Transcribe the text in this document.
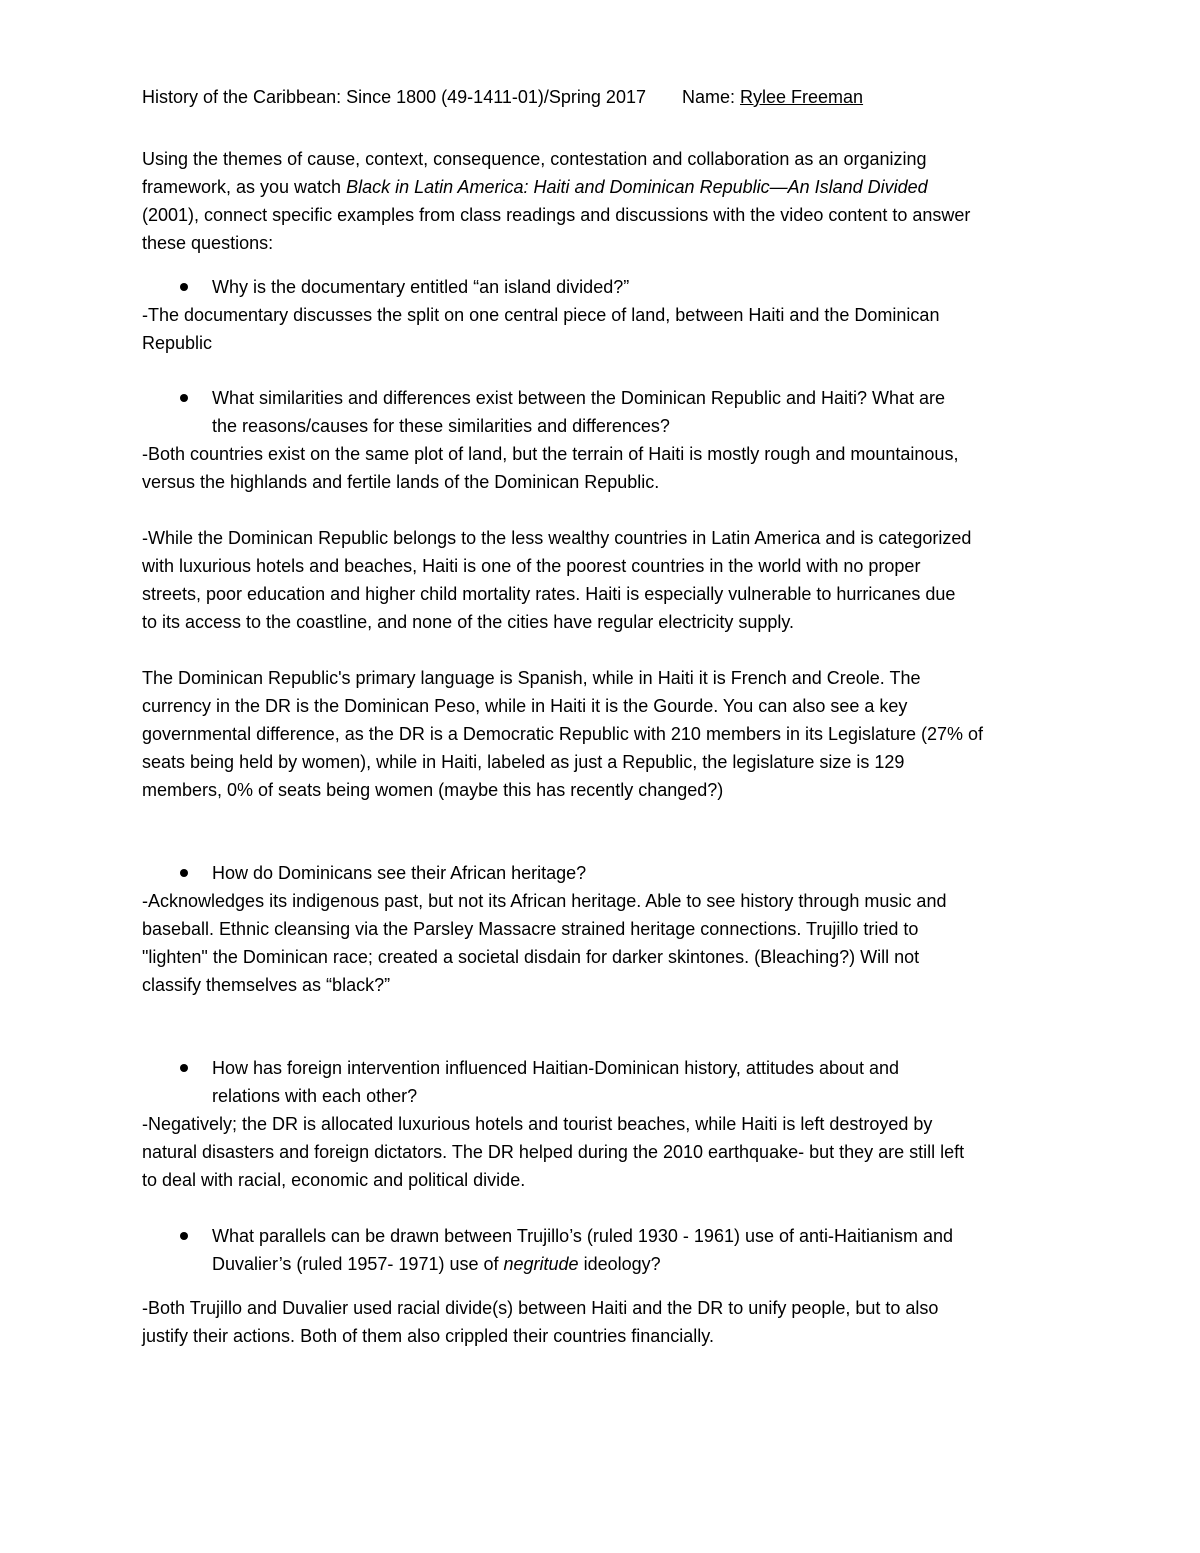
History of the Caribbean: Since 1800 (49-1411-01)/Spring 2017 Name: Rylee Freeman
Using the themes of cause, context, consequence, contestation and collaboration as an organizing
framework, as you watch Black in Latin America: Haiti and Dominican Republic—An Island Divided
(2001), connect specific examples from class readings and discussions with the video content to answer
these questions:
Why is the documentary entitled “an island divided?”
-The documentary discusses the split on one central piece of land, between Haiti and the Dominican
Republic
What similarities and differences exist between the Dominican Republic and Haiti? What are
the reasons/causes for these similarities and differences?
-Both countries exist on the same plot of land, but the terrain of Haiti is mostly rough and mountainous,
versus the highlands and fertile lands of the Dominican Republic.
-While the Dominican Republic belongs to the less wealthy countries in Latin America and is categorized
with luxurious hotels and beaches, Haiti is one of the poorest countries in the world with no proper
streets, poor education and higher child mortality rates. Haiti is especially vulnerable to hurricanes due
to its access to the coastline, and none of the cities have regular electricity supply.
The Dominican Republic's primary language is Spanish, while in Haiti it is French and Creole. The
currency in the DR is the Dominican Peso, while in Haiti it is the Gourde. You can also see a key
governmental difference, as the DR is a Democratic Republic with 210 members in its Legislature (27% of
seats being held by women), while in Haiti, labeled as just a Republic, the legislature size is 129
members, 0% of seats being women (maybe this has recently changed?)
How do Dominicans see their African heritage?
-Acknowledges its indigenous past, but not its African heritage. Able to see history through music and
baseball. Ethnic cleansing via the Parsley Massacre strained heritage connections. Trujillo tried to
"lighten" the Dominican race; created a societal disdain for darker skintones. (Bleaching?) Will not
classify themselves as “black?”
How has foreign intervention influenced Haitian-Dominican history, attitudes about and
relations with each other?
-Negatively; the DR is allocated luxurious hotels and tourist beaches, while Haiti is left destroyed by
natural disasters and foreign dictators. The DR helped during the 2010 earthquake- but they are still left
to deal with racial, economic and political divide.
What parallels can be drawn between Trujillo’s (ruled 1930 - 1961) use of anti-Haitianism and
Duvalier’s (ruled 1957- 1971) use of negritude ideology?
-Both Trujillo and Duvalier used racial divide(s) between Haiti and the DR to unify people, but to also
justify their actions. Both of them also crippled their countries financially.
